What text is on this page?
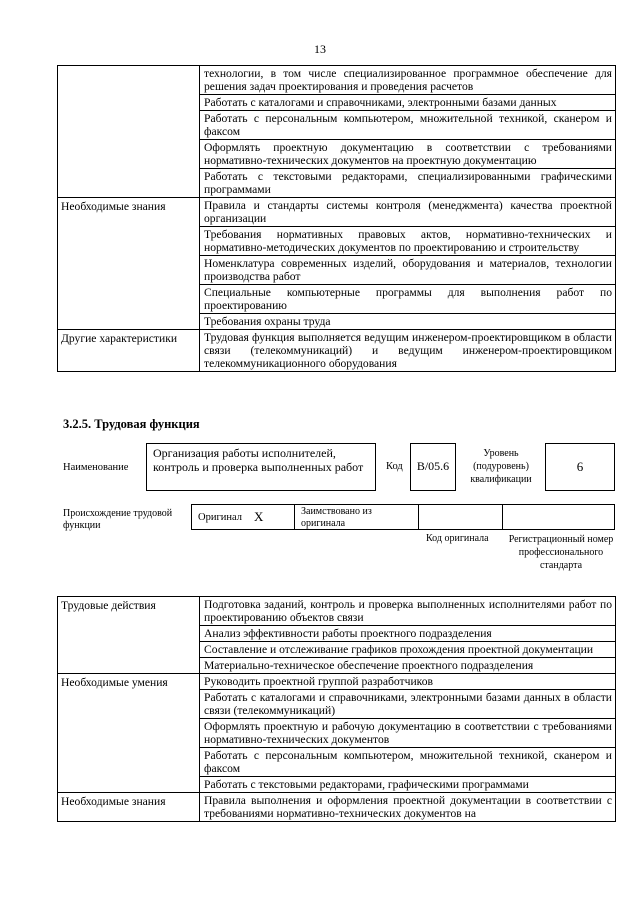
13
	технологии, в том числе специализированное программное обеспечение для решения задач проектирования и проведения расчетов
	Работать с каталогами и справочниками, электронными базами данных
	Работать с персональным компьютером, множительной техникой, сканером и факсом
	Оформлять проектную документацию в соответствии с требованиями нормативно-технических документов на проектную документацию
	Работать с текстовыми редакторами, специализированными графическими программами
Необходимые знания	Правила и стандарты системы контроля (менеджмента) качества проектной организации
	Требования нормативных правовых актов, нормативно-технических и нормативно-методических документов по проектированию и строительству
	Номенклатура современных изделий, оборудования и материалов, технологии производства работ
	Специальные компьютерные программы для выполнения работ по проектированию
	Требования охраны труда
Другие характеристики	Трудовая функция выполняется ведущим инженером-проектировщиком в области связи (телекоммуникаций) и ведущим инженером-проектировщиком телекоммуникационного оборудования
3.2.5. Трудовая функция
Наименование
Организация работы исполнителей, контроль и проверка выполненных работ	Код	B/05.6
Уровень (подуровень) квалификации
6
Происхождение трудовой функции
Оригинал X	Заимствовано из оригинала
Код оригинала Регистрационный номер профессионального стандарта
Трудовые действия	Подготовка заданий, контроль и проверка выполненных исполнителями работ по проектированию объектов связи
	Анализ эффективности работы проектного подразделения
	Составление и отслеживание графиков прохождения проектной документации
	Материально-техническое обеспечение проектного подразделения
Необходимые умения	Руководить проектной группой разработчиков
	Работать с каталогами и справочниками, электронными базами данных в области связи (телекоммуникаций)
	Оформлять проектную и рабочую документацию в соответствии с требованиями нормативно-технических документов
	Работать с персональным компьютером, множительной техникой, сканером и факсом
	Работать с текстовыми редакторами, графическими программами
Необходимые знания	Правила выполнения и оформления проектной документации в соответствии с требованиями нормативно-технических документов на
